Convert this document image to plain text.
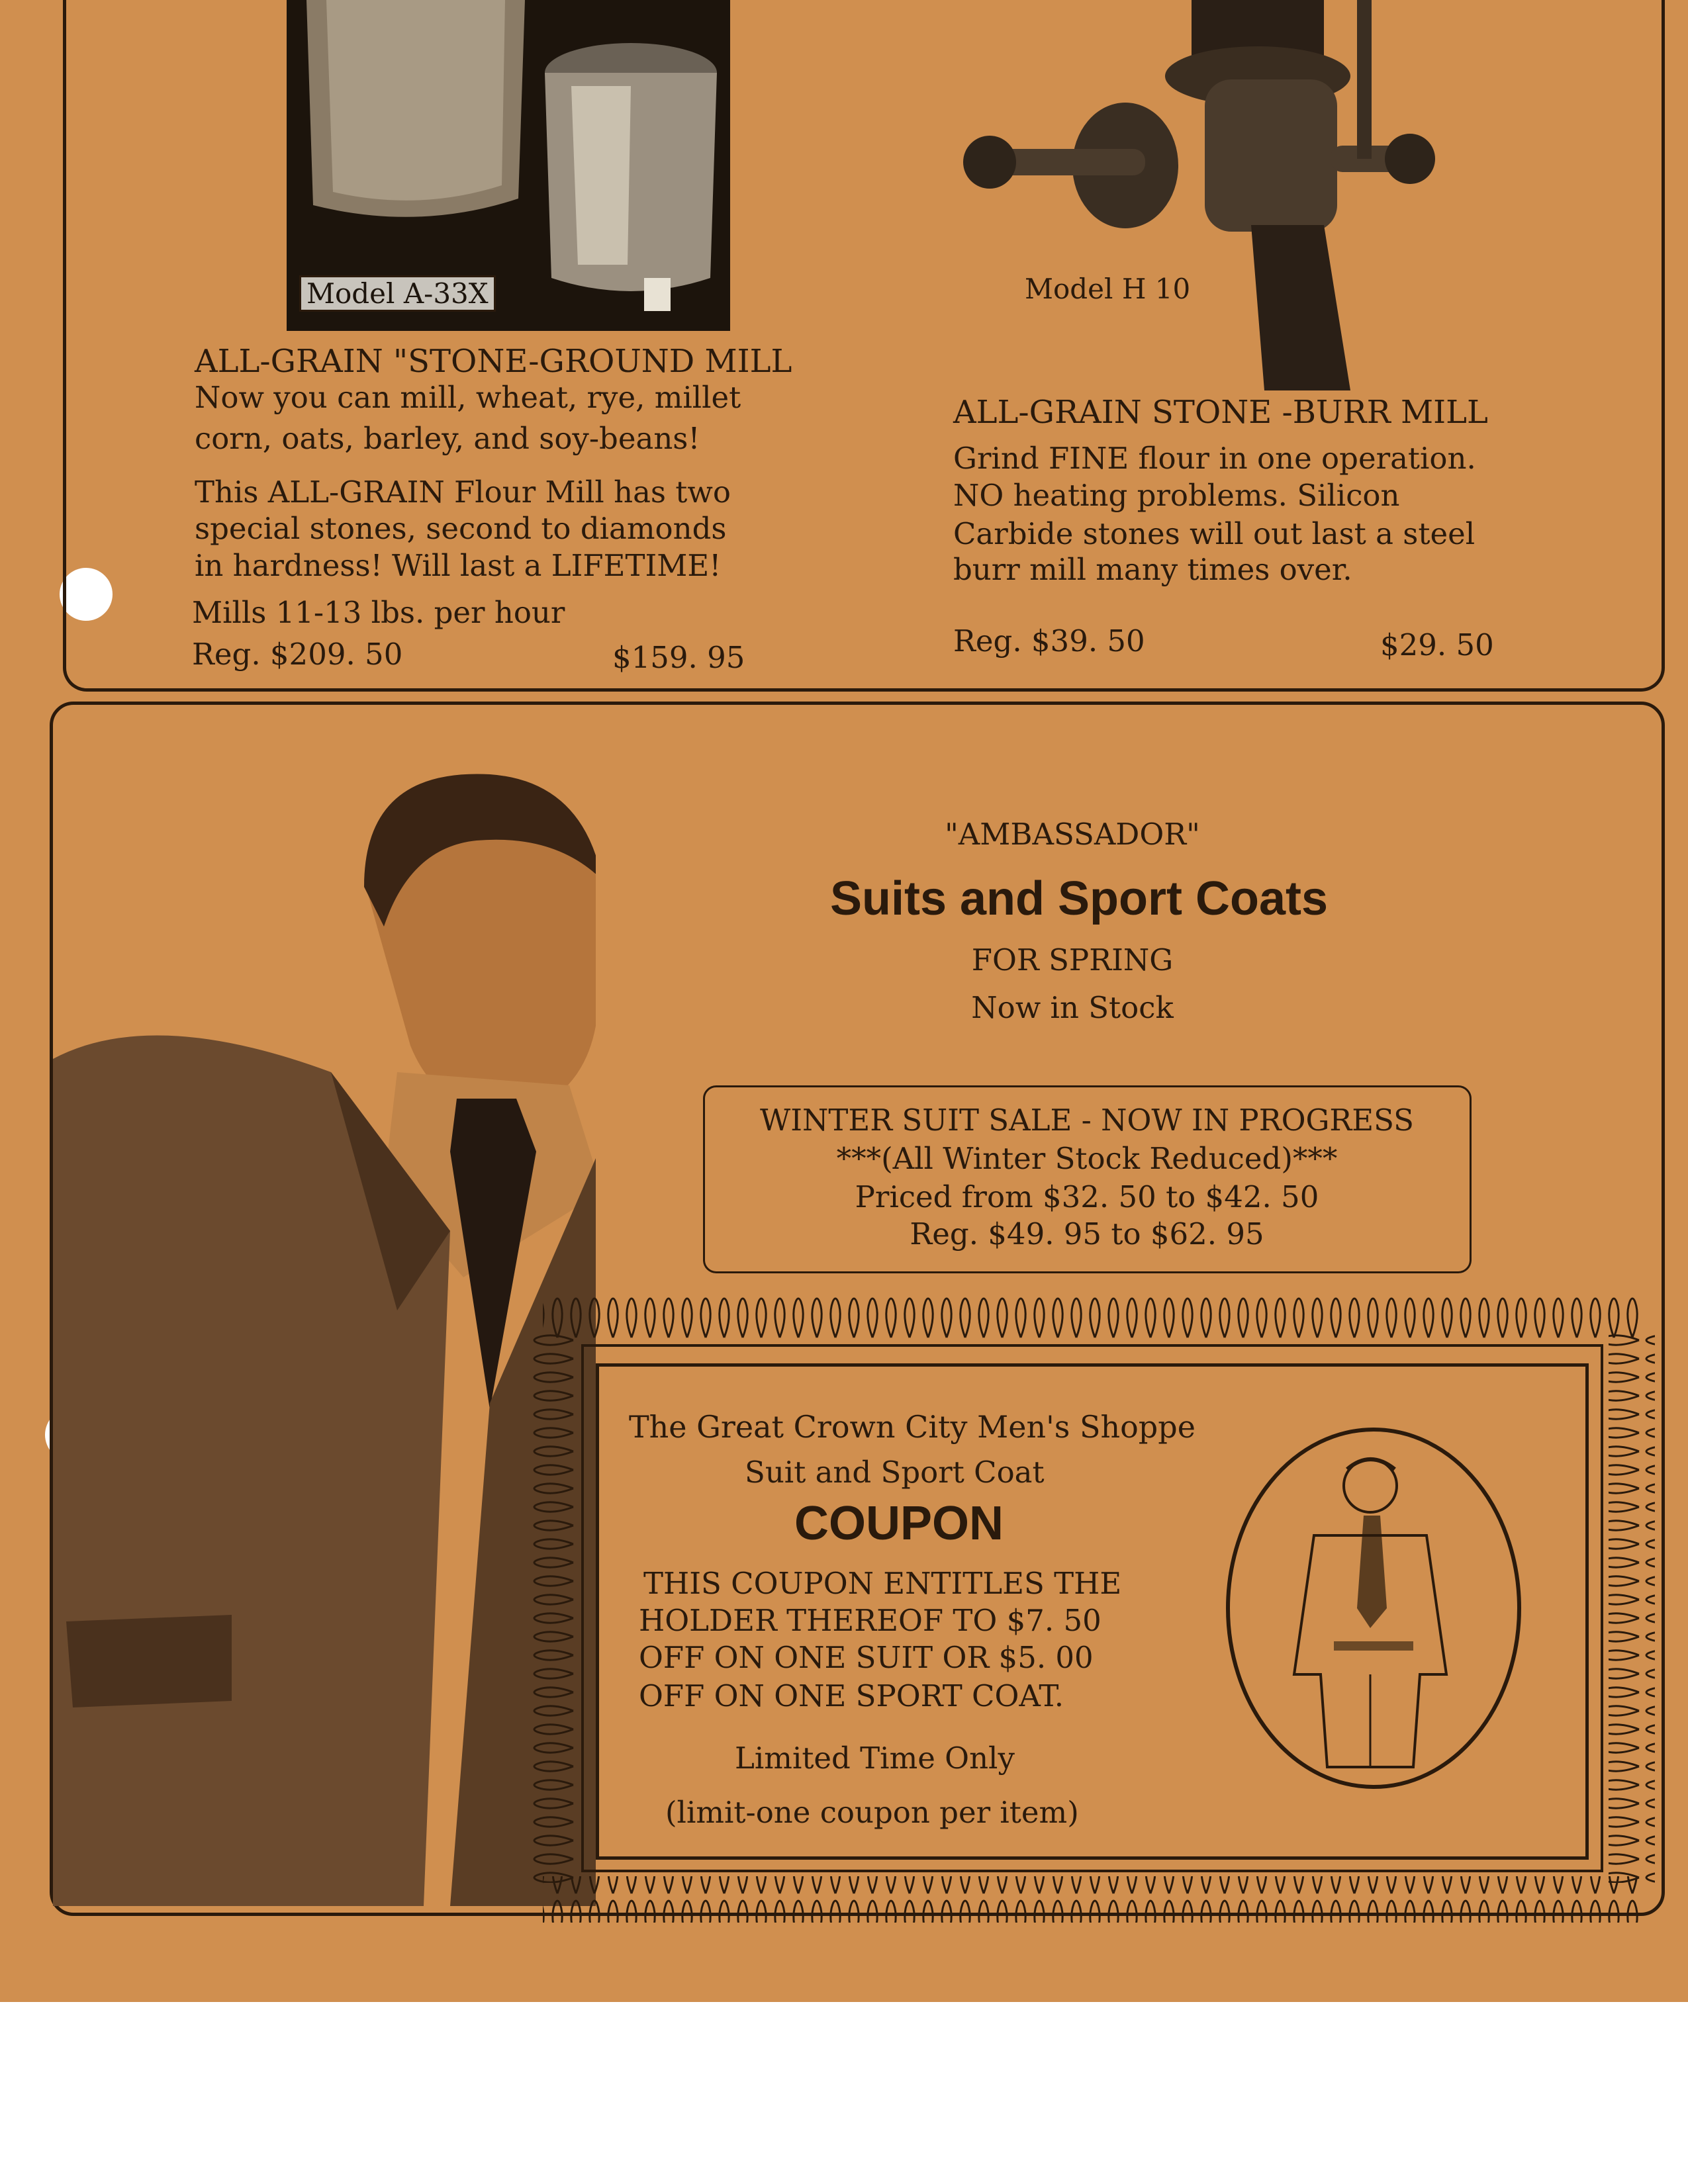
Model A-33X	Model H 10
ALL-GRAIN "STONE-GROUND MILL
Now you can mill, wheat, rye, millet
corn, oats, barley, and soy-beans!
This ALL-GRAIN Flour Mill has two
special stones, second to diamonds
in hardness! Will last a LIFETIME!
Mills 11-13 lbs. per hour
Reg. $209. 50	$159. 95
ALL-GRAIN STONE -BURR MILL
Grind FINE flour in one operation.
NO heating problems. Silicon
Carbide stones will out last a steel
burr mill many times over.
Reg. $39. 50	$29. 50
"AMBASSADOR"
Suits and Sport Coats
FOR SPRING
Now in Stock
WINTER SUIT SALE - NOW IN PROGRESS
***(All Winter Stock Reduced)***
Priced from $32. 50 to $42. 50
Reg. $49. 95 to $62. 95
The Great Crown City Men's Shoppe
Suit and Sport Coat
COUPON
THIS COUPON ENTITLES THE
HOLDER THEREOF TO $7. 50
OFF ON ONE SUIT OR $5. 00
OFF ON ONE SPORT COAT.
Limited Time Only
(limit-one coupon per item)
